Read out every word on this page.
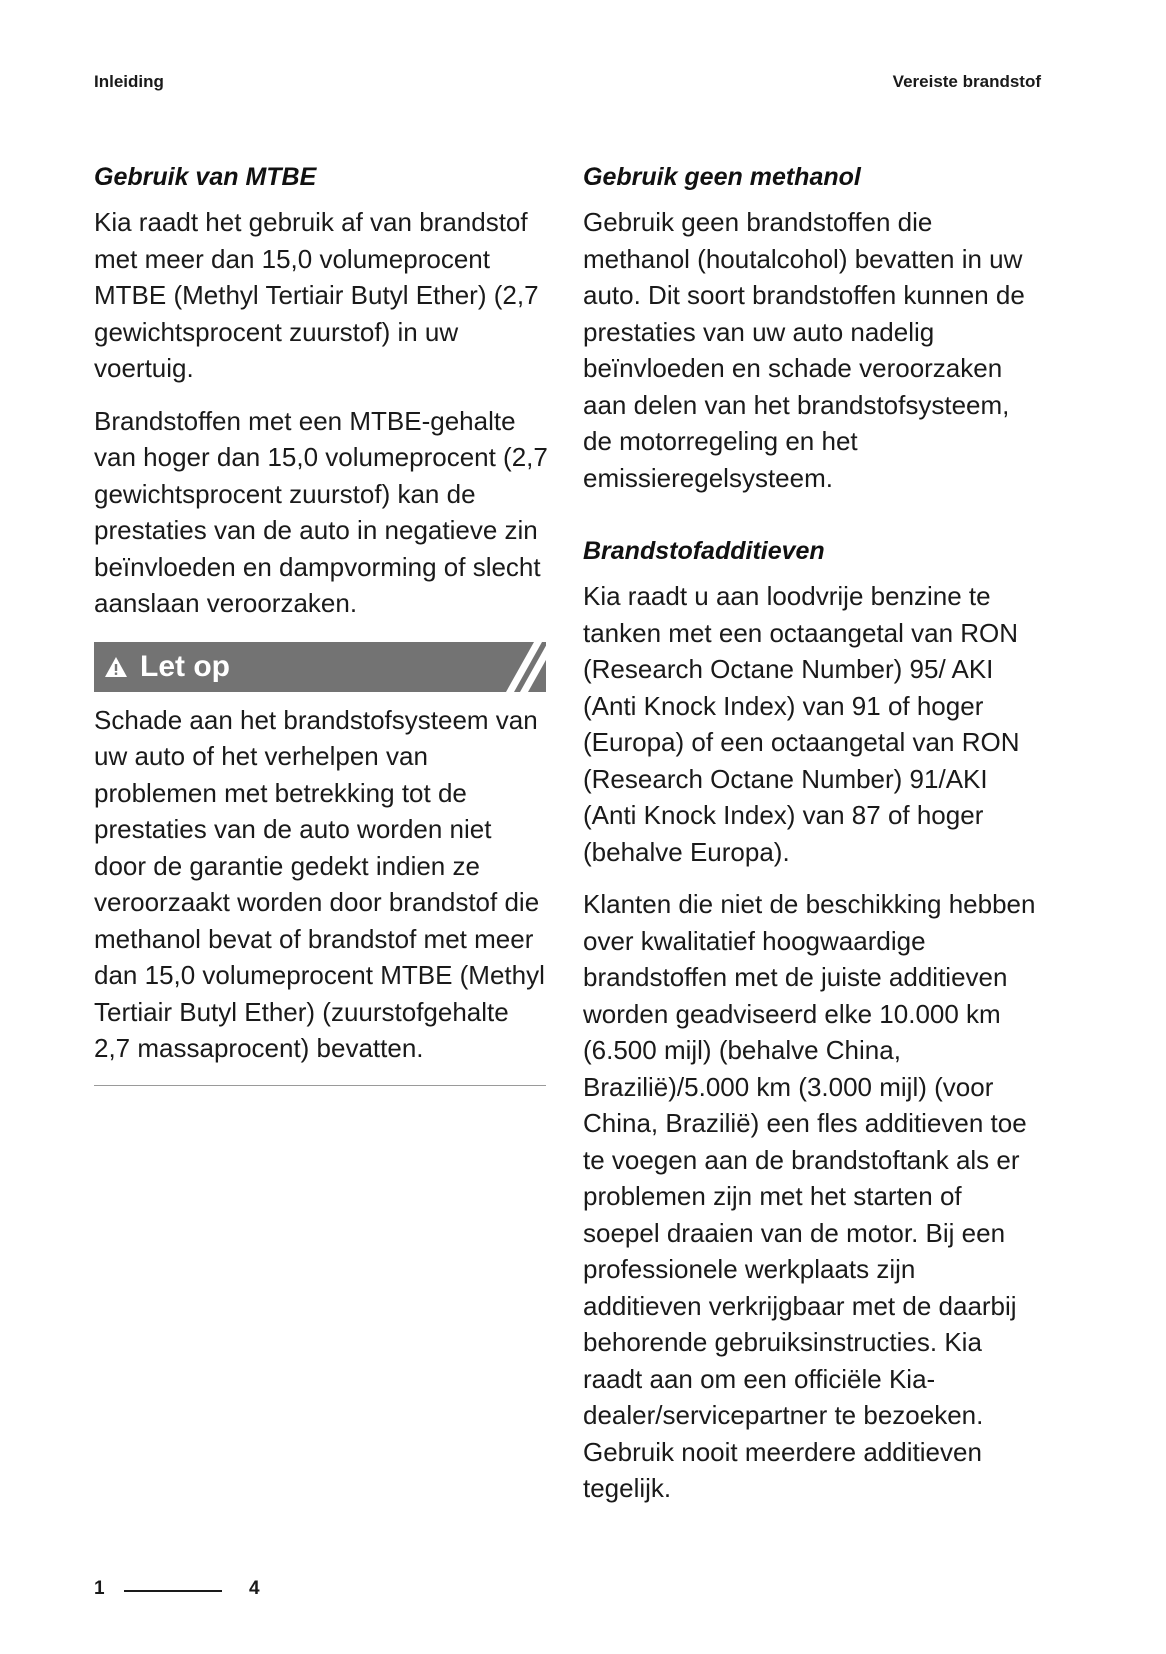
Inleiding	Vereiste brandstof
Gebruik van MTBE

Kia raadt het gebruik af van brandstof met meer dan 15,0 volumeprocent MTBE (Methyl Tertiair Butyl Ether) (2,7 gewichtsprocent zuurstof) in uw voertuig.

Brandstoffen met een MTBE-gehalte van hoger dan 15,0 volumeprocent (2,7 gewichtsprocent zuurstof) kan de prestaties van de auto in negatieve zin beïnvloeden en dampvorming of slecht aanslaan veroorzaken.

Let op

Schade aan het brandstofsysteem van uw auto of het verhelpen van problemen met betrekking tot de prestaties van de auto worden niet door de garantie gedekt indien ze veroorzaakt worden door brandstof die methanol bevat of brandstof met meer dan 15,0 volumeprocent MTBE (Methyl Tertiair Butyl Ether) (zuurstofgehalte 2,7 massaprocent) bevatten.

Gebruik geen methanol

Gebruik geen brandstoffen die methanol (houtalcohol) bevatten in uw auto. Dit soort brandstoffen kunnen de prestaties van uw auto nadelig beïnvloeden en schade veroorzaken aan delen van het brandstofsysteem, de motorregeling en het emissieregelsysteem.

Brandstofadditieven

Kia raadt u aan loodvrije benzine te tanken met een octaangetal van RON (Research Octane Number) 95/ AKI (Anti Knock Index) van 91 of hoger (Europa) of een octaangetal van RON (Research Octane Number) 91/AKI (Anti Knock Index) van 87 of hoger (behalve Europa).

Klanten die niet de beschikking hebben over kwalitatief hoogwaardige brandstoffen met de juiste additieven worden geadviseerd elke 10.000 km (6.500 mijl) (behalve China, Brazilië)/5.000 km (3.000 mijl) (voor China, Brazilië) een fles additieven toe te voegen aan de brandstoftank als er problemen zijn met het starten of soepel draaien van de motor. Bij een professionele werkplaats zijn additieven verkrijgbaar met de daarbij behorende gebruiksinstructies. Kia raadt aan om een officiële Kia-dealer/servicepartner te bezoeken. Gebruik nooit meerdere additieven tegelijk.

1	4
